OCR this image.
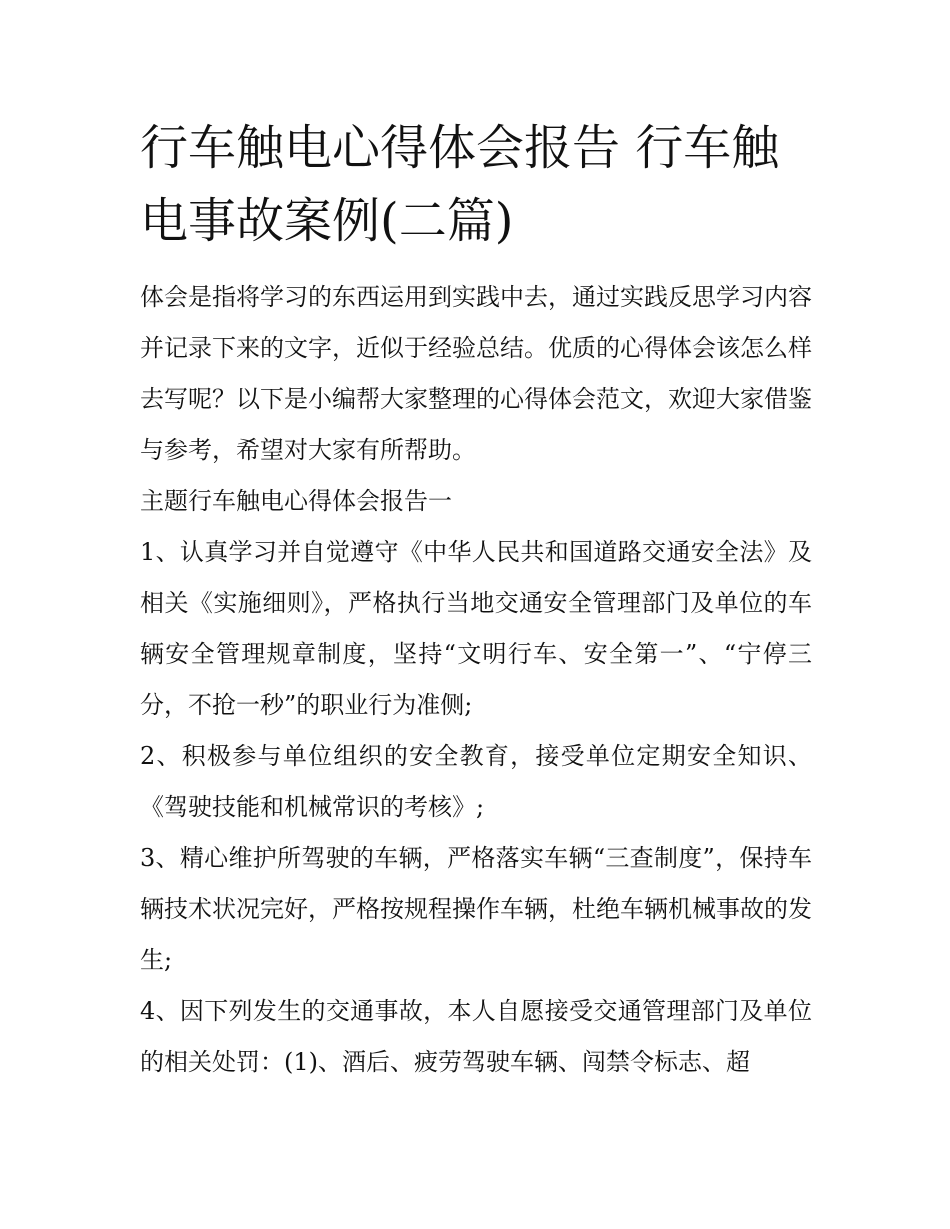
行车触电心得体会报告 行车触电事故案例(二篇)

体会是指将学习的东西运用到实践中去，通过实践反思学习内容并记录下来的文字，近似于经验总结。优质的心得体会该怎么样去写呢？以下是小编帮大家整理的心得体会范文，欢迎大家借鉴与参考，希望对大家有所帮助。

主题行车触电心得体会报告一

1、认真学习并自觉遵守《中华人民共和国道路交通安全法》及相关《实施细则》，严格执行当地交通安全管理部门及单位的车辆安全管理规章制度，坚持“文明行车、安全第一”、“宁停三分，不抢一秒”的职业行为准侧;

2、积极参与单位组织的安全教育，接受单位定期安全知识、《驾驶技能和机械常识的考核》;

3、精心维护所驾驶的车辆，严格落实车辆“三查制度”，保持车辆技术状况完好，严格按规程操作车辆，杜绝车辆机械事故的发生;

4、因下列发生的交通事故，本人自愿接受交通管理部门及单位的相关处罚：(1)、酒后、疲劳驾驶车辆、闯禁令标志、超
